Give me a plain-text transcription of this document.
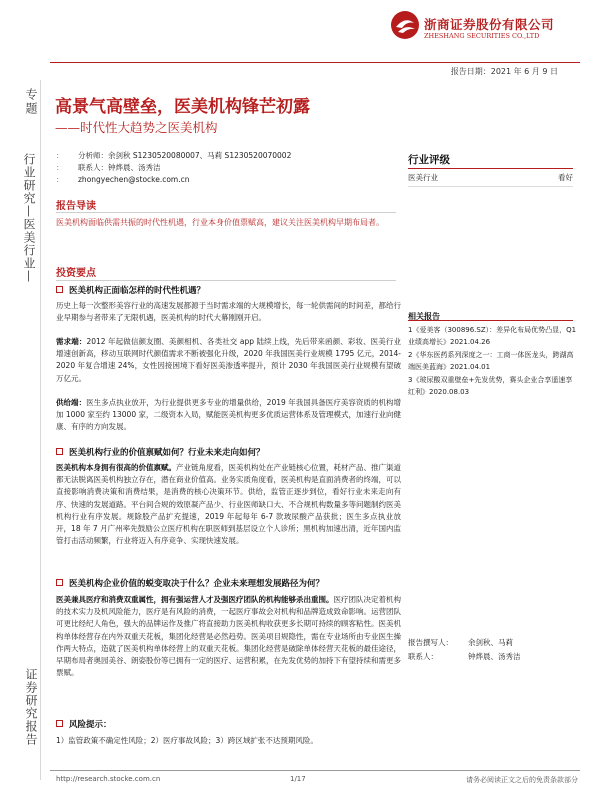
浙商证券股份有限公司
ZHESHANG SECURITIES CO.,LTD
报告日期：2021 年 6 月 9 日
专题
行业研究—医美行业—
证券研究报告
高景气高壁垒，医美机构锋芒初露
——时代性大趋势之医美机构
： 分析师：余剑秋 S1230520080007、马莉 S1230520070002
： 联系人：钟烨晨、汤秀洁
： zhongyechen@stocke.com.cn
报告导读
医美机构面临供需共振的时代性机遇，行业本身价值票赋高，建议关注医美机构早期布局者。
投资要点
医美机构正面临怎样的时代性机遇？
历史上每一次整形美容行业的高速发展都源于当时需求端的大规模增长，每一轮供需间的时间差，都给行业早期参与者带来了无限机遇，医美机构的时代大幕刚刚开启。
需求端：2012 年起做信颜友圈、美颜相机、各类社交 app 陆续上线，先后带来函颜、彩妆、医美行业增速创新高，移动互联网时代颜值需求不断被强化升级，2020 年我国医美行业规模 1795 亿元，2014-2020 年复合增速 24%，女性因接困境下看好医美渗透率提升，预计 2030 年我国医美行业规模有望破万亿元。
供给端：医生多点执业放开，为行业提供更多专业的增量供给，2019 年我国具备医疗美容资质的机构增加 1000 家至约 13000 家，二级资本入局，赋能医美机构更多优质运营体系及管理模式，加速行业向健康、有序的方向发展。
医美机构行业的价值禀赋如何？行业未来走向如何？
医美机构本身拥有很高的价值禀赋。产业链角度看，医美机构处在产业链核心位置，耗材产品、推广渠道都无法脱离医美机构独立存在，潜在商业价值高。业务实质角度看，医美机构是直面消费者的终端，可以直接影响消费决策和消费结果，是消费的核心决策环节。供给，监管正逐步到位，看好行业未来走向有序、快速的发展道路。平台间合规的效原凝产品少、行业医师缺口大、不合规机构数量多等问题制约医美机构行业有序发展。规除股产品扩充提速，2019 年起每年 6-7 款玻尿酸产品获批；医生多点执业放开，18 年 7 月广州率先鼓励公立医疗机构在职医师到基层设立个人诊所；黑机构加速出清，近年国内监管打击活动频繁，行业将迈入有序竞争、实现快速发展。
医美机构企业价值的蜕变取决于什么？企业未来理想发展路径为何？
医美兼具医疗和消费双重属性，拥有强运营人才及强医疗团队的机构能够杀出重围。医疗团队决定着机构的技术实力及机风险能力，医疗是有风险的消费，一起医疗事故会对机构和品牌造成致命影响。运营团队可更比经纪人角色，强大的品牌运作及推广将直接助力医美机构收获更多长期可持续的顾客粘性。医美机构单体经营存在内外双重天花板，集团化经营是必然趋势。医美项目规隐性，需在专业场所由专业医生操作两大特点，造就了医美机构单体经营上的双重天花板。集团化经营是破除单体经营天花板的最佳途径，早期布局者奥园美谷、朗姿股份等已拥有一定的医疗、运营积累，在先发优势的加持下有望持续和需更多票赋。
风险提示：
1）监管政策不确定性风险；2）医疗事故风险；3）跨区域扩张不达预期风险。
行业评级
医美行业	看好
相关报告
1《爱美客（300896.SZ）：差异化布局优势凸显，Q1 业绩高增长》2021.04.26
2《华东医药系列深度之一：工商一体医龙头，跨湖高端医美蓝海》2021.04.01
3《玻尿酸双重壁垒+先发优势，赛头企业合享遥速享红利》2020.08.03
报告撰写人： 余剑秋、马莉
联系人：	钟烨晨、汤秀洁
http://research.stocke.com.cn	1/17	请务必阅读正文之后的免责条款部分
